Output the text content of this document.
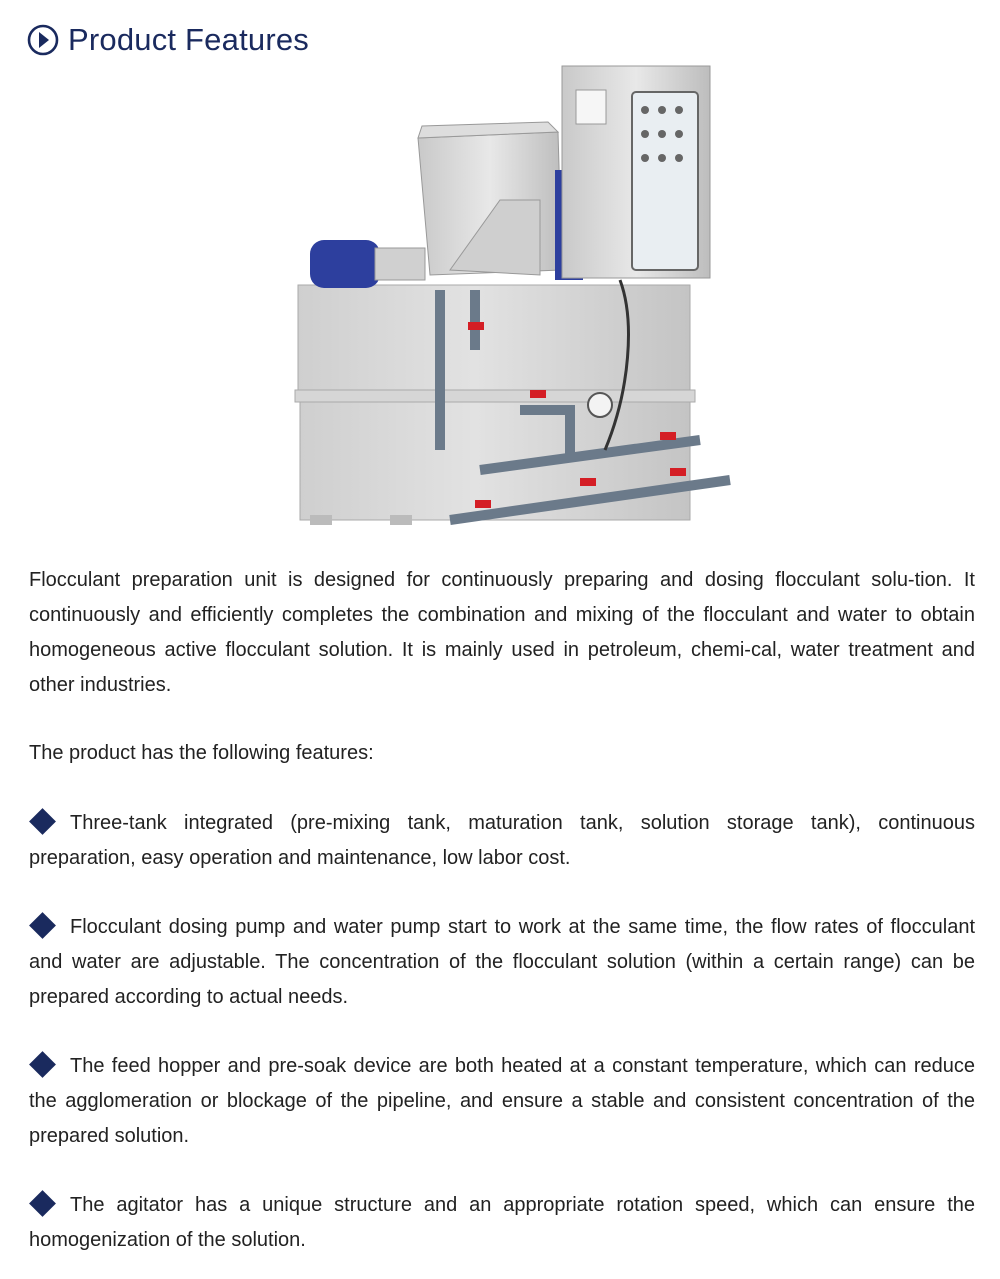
Product Features

Flocculant preparation unit is designed for continuously preparing and dosing flocculant solu-tion. It continuously and efficiently completes the combination and mixing of the flocculant and water to obtain homogeneous active flocculant solution. It is mainly used in petroleum, chemi-cal, water treatment and other industries.

The product has the following features:

Three-tank integrated (pre-mixing tank, maturation tank, solution storage tank), continuous preparation, easy operation and maintenance, low labor cost.

Flocculant dosing pump and water pump start to work at the same time, the flow rates of flocculant and water are adjustable. The concentration of the flocculant solution (within a certain range) can be prepared according to actual needs.

The feed hopper and pre-soak device are both heated at a constant temperature, which can reduce the agglomeration or blockage of the pipeline, and ensure a stable and consistent concentration of the prepared solution.

The agitator has a unique structure and an appropriate rotation speed, which can ensure the homogenization of the solution.
